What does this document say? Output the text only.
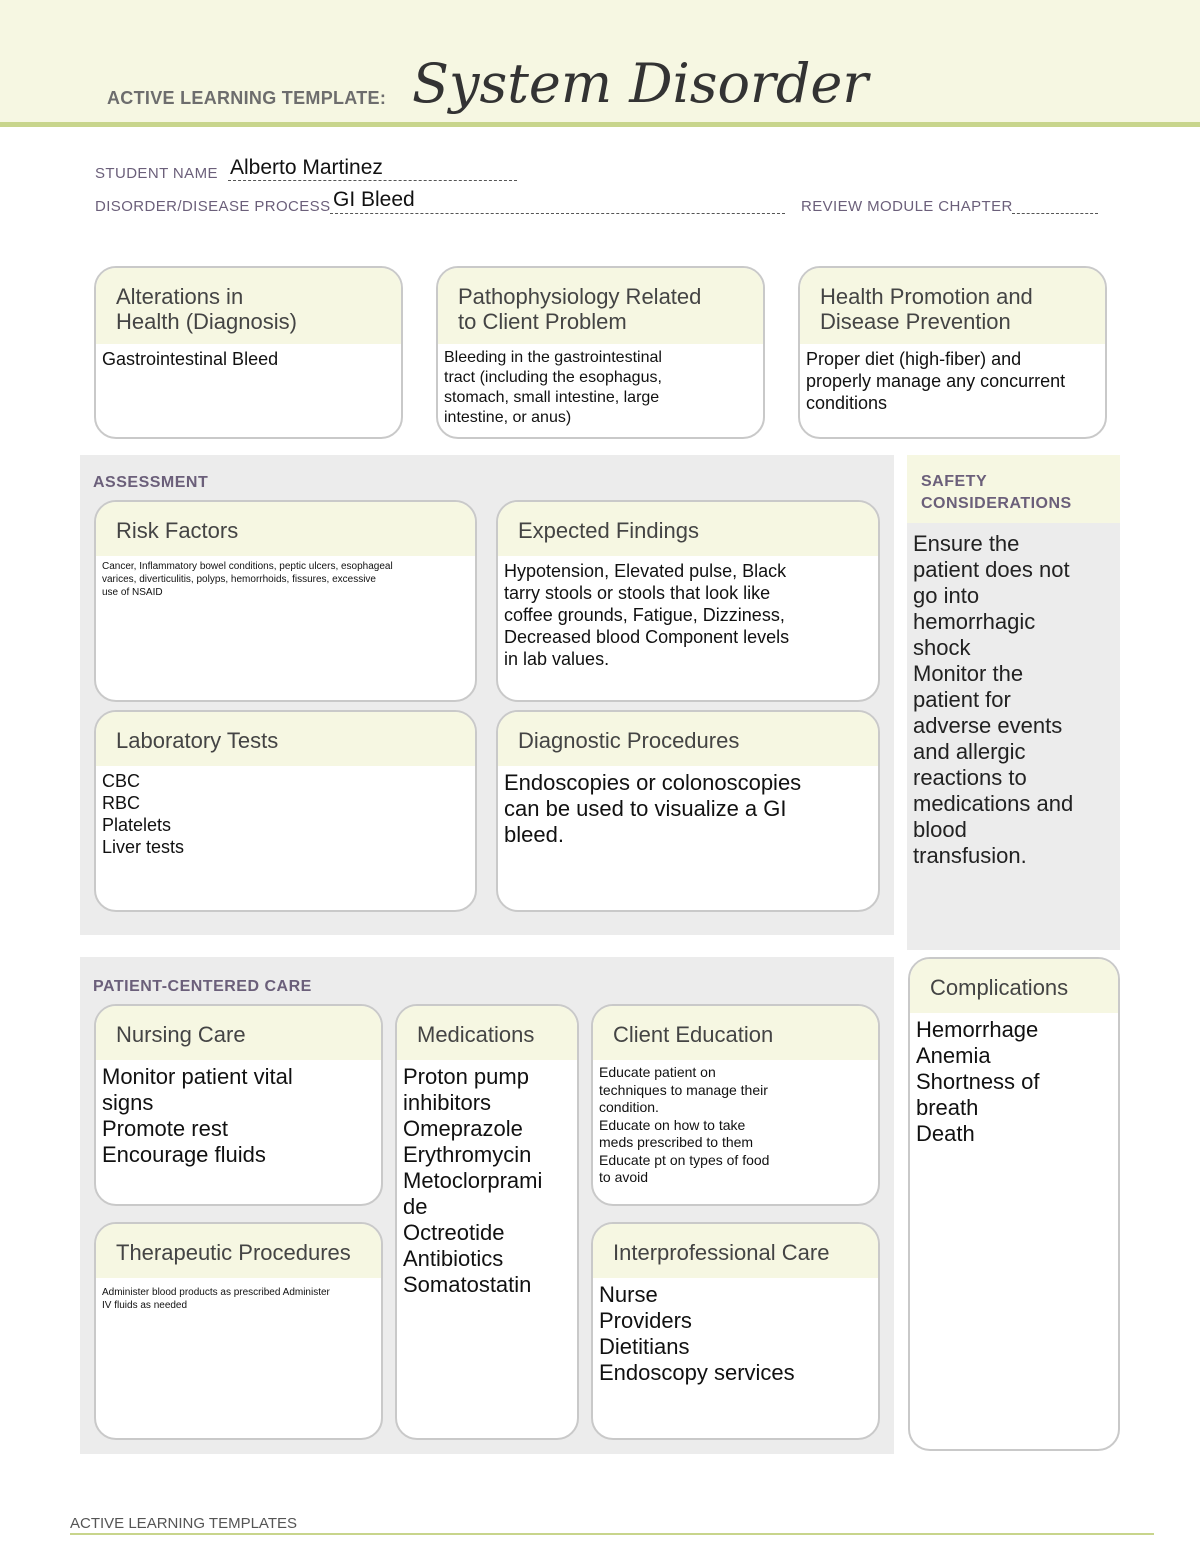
ACTIVE LEARNING TEMPLATE: System Disorder
STUDENT NAME Alberto Martinez
DISORDER/DISEASE PROCESS GI Bleed	REVIEW MODULE CHAPTER
Alterations in
Health (Diagnosis)
Gastrointestinal Bleed
Pathophysiology Related
to Client Problem
Bleeding in the gastrointestinal
tract (including the esophagus,
stomach, small intestine, large
intestine, or anus)
Health Promotion and
Disease Prevention
Proper diet (high-fiber) and
properly manage any concurrent
conditions
ASSESSMENT
Risk Factors
Cancer, Inflammatory bowel conditions, peptic ulcers, esophageal
varices, diverticulitis, polyps, hemorrhoids, fissures, excessive
use of NSAID
Expected Findings
Hypotension, Elevated pulse, Black
tarry stools or stools that look like
coffee grounds, Fatigue, Dizziness,
Decreased blood Component levels
in lab values.
Laboratory Tests
CBC
RBC
Platelets
Liver tests
Diagnostic Procedures
Endoscopies or colonoscopies
can be used to visualize a GI
bleed.
SAFETY
CONSIDERATIONS
Ensure the
patient does not
go into
hemorrhagic
shock
Monitor the
patient for
adverse events
and allergic
reactions to
medications and
blood
transfusion.
PATIENT-CENTERED CARE
Nursing Care
Monitor patient vital
signs
Promote rest
Encourage fluids
Medications
Proton pump
inhibitors
Omeprazole
Erythromycin
Metoclorprami
de
Octreotide
Antibiotics
Somatostatin
Client Education
Educate patient on
techniques to manage their
condition.
Educate on how to take
meds prescribed to them
Educate pt on types of food
to avoid
Therapeutic Procedures
Administer blood products as prescribed Administer
IV fluids as needed
Interprofessional Care
Nurse
Providers
Dietitians
Endoscopy services
Complications
Hemorrhage
Anemia
Shortness of
breath
Death
ACTIVE LEARNING TEMPLATES
